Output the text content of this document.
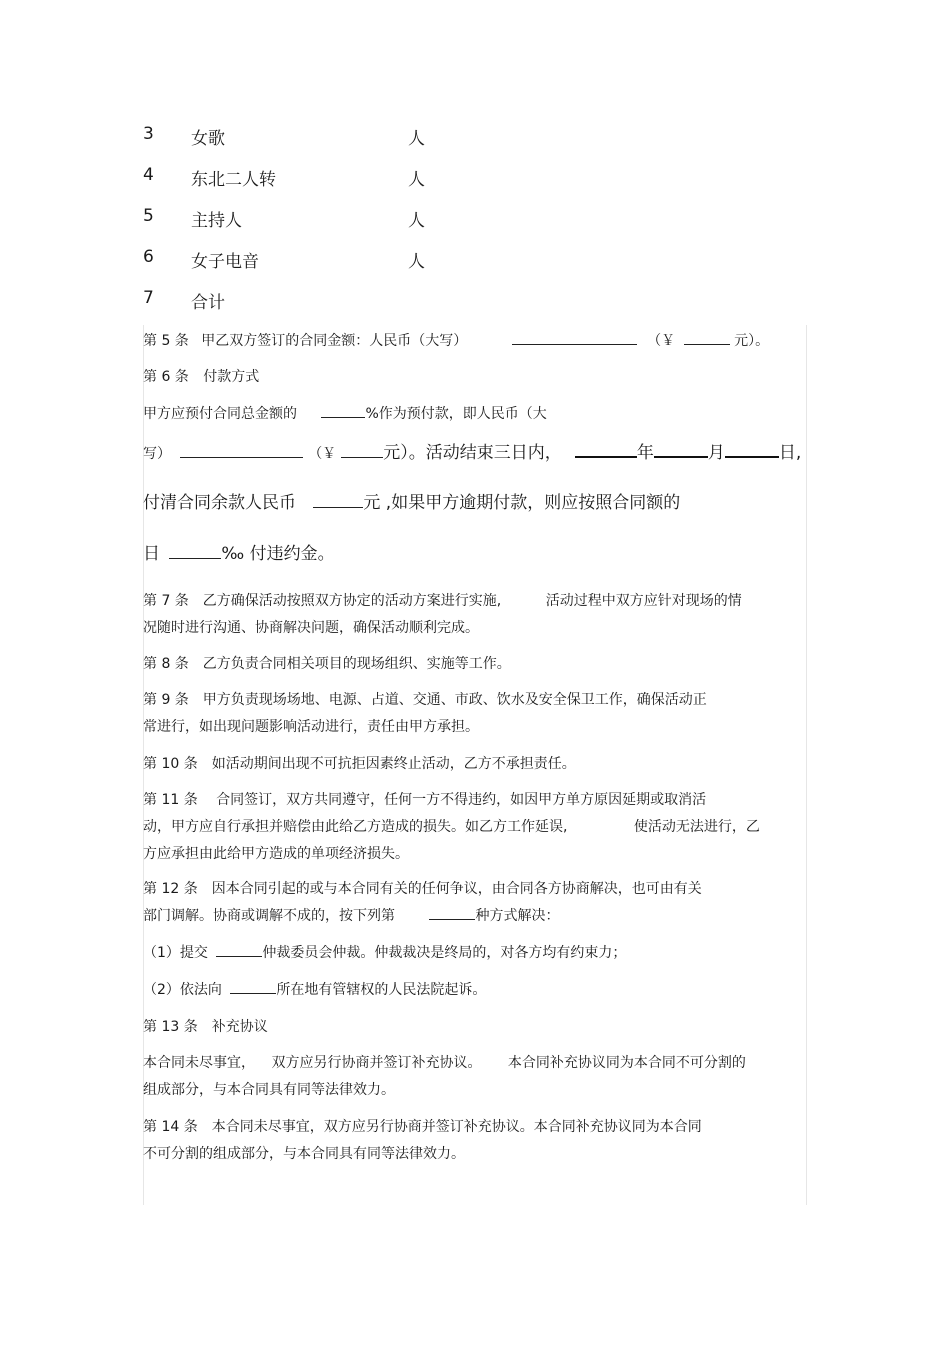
3 女歌	人
4 东北二人转	人
5 主持人	人
6 女子电音	人
7 合计
第 5 条 甲乙双方签订的合同金额：人民币（大写）	（￥	元）。
第 6 条 付款方式
甲方应预付合同总金额的	%作为预付款，即人民币（大
写）	（￥	元）。活动结束三日内，	年	月	日,
付清合同余款人民币	元 ,如果甲方逾期付款，则应按照合同额的
日	‰ 付违约金。
第 7 条　乙方确保活动按照双方协定的活动方案进行实施,	活动过程中双方应针对现场的情
况随时进行沟通、协商解决问题，确保活动顺利完成。
第 8 条　乙方负责合同相关项目的现场组织、实施等工作。
第 9 条　甲方负责现场场地、电源、占道、交通、市政、饮水及安全保卫工作，确保活动正
常进行，如出现问题影响活动进行，责任由甲方承担。
第 10 条　如活动期间出现不可抗拒因素终止活动，乙方不承担责任。
第 11 条　 合同签订，双方共同遵守，任何一方不得违约，如因甲方单方原因延期或取消活
动，甲方应自行承担并赔偿由此给乙方造成的损失。如乙方工作延误,	使活动无法进行，乙
方应承担由此给甲方造成的单项经济损失。
第 12 条　因本合同引起的或与本合同有关的任何争议，由合同各方协商解决，也可由有关
部门调解。协商或调解不成的，按下列第	种方式解决：
（1）提交	仲裁委员会仲裁。仲裁裁决是终局的，对各方均有约束力；
（2）依法向	所在地有管辖权的人民法院起诉。
第 13 条　补充协议
本合同未尽事宜， 双方应另行协商并签订补充协议。 本合同补充协议同为本合同不可分割的
组成部分，与本合同具有同等法律效力。
第 14 条　本合同未尽事宜，双方应另行协商并签订补充协议。本合同补充协议同为本合同
不可分割的组成部分，与本合同具有同等法律效力。
